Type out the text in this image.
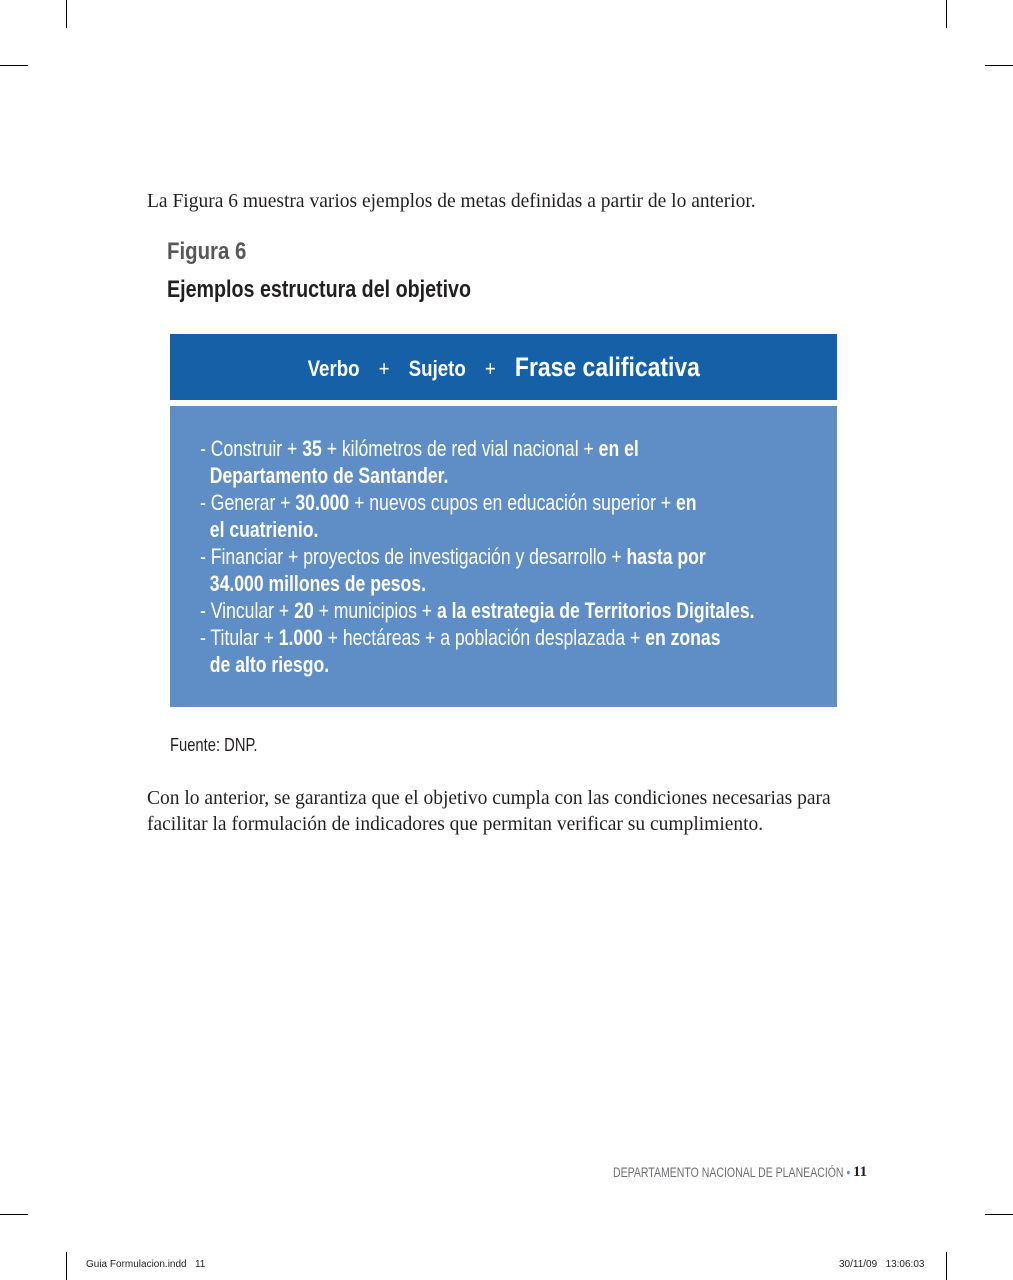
La Figura 6 muestra varios ejemplos de metas definidas a partir de lo anterior.
Figura 6
Ejemplos estructura del objetivo
Verbo + Sujeto + Frase calificativa
- Construir + 35 + kilómetros de red vial nacional + en el
Departamento de Santander.
- Generar + 30.000 + nuevos cupos en educación superior + en
el cuatrienio.
- Financiar + proyectos de investigación y desarrollo + hasta por
34.000 millones de pesos.
- Vincular + 20 + municipios + a la estrategia de Territorios Digitales.
- Titular + 1.000 + hectáreas + a población desplazada + en zonas
de alto riesgo.
Fuente: DNP.
Con lo anterior, se garantiza que el objetivo cumpla con las condiciones necesarias para
facilitar la formulación de indicadores que permitan verificar su cumplimiento.
DEPARTAMENTO NACIONAL DE PLANEACIÓN • 11
Guia Formulacion.indd   11	30/11/09   13:06:03
